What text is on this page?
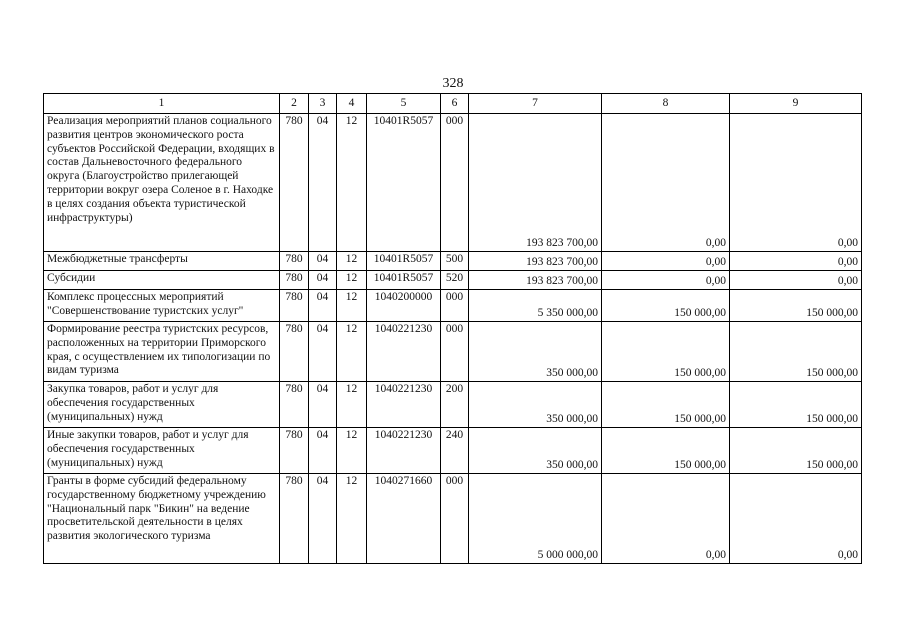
328
1	2	3	4	5	6	7	8	9
Реализация мероприятий планов социального развития центров экономического роста субъектов Российской Федерации, входящих в состав Дальневосточного федерального округа (Благоустройство прилегающей территории вокруг озера Соленое в г. Находке в целях создания объекта туристической инфраструктуры)	780	04	12	10401R5057	000	193 823 700,00	0,00	0,00
Межбюджетные трансферты	780	04	12	10401R5057	500	193 823 700,00	0,00	0,00
Субсидии	780	04	12	10401R5057	520	193 823 700,00	0,00	0,00
Комплекс процессных мероприятий "Совершенствование туристских услуг"	780	04	12	1040200000	000	5 350 000,00	150 000,00	150 000,00
Формирование реестра туристских ресурсов, расположенных на территории Приморского края, с осуществлением их типологизации по видам туризма	780	04	12	1040221230	000	350 000,00	150 000,00	150 000,00
Закупка товаров, работ и услуг для обеспечения государственных (муниципальных) нужд	780	04	12	1040221230	200	350 000,00	150 000,00	150 000,00
Иные закупки товаров, работ и услуг для обеспечения государственных (муниципальных) нужд	780	04	12	1040221230	240	350 000,00	150 000,00	150 000,00
Гранты в форме субсидий федеральному государственному бюджетному учреждению "Национальный парк "Бикин" на ведение просветительской деятельности в целях развития экологического туризма	780	04	12	1040271660	000	5 000 000,00	0,00	0,00
